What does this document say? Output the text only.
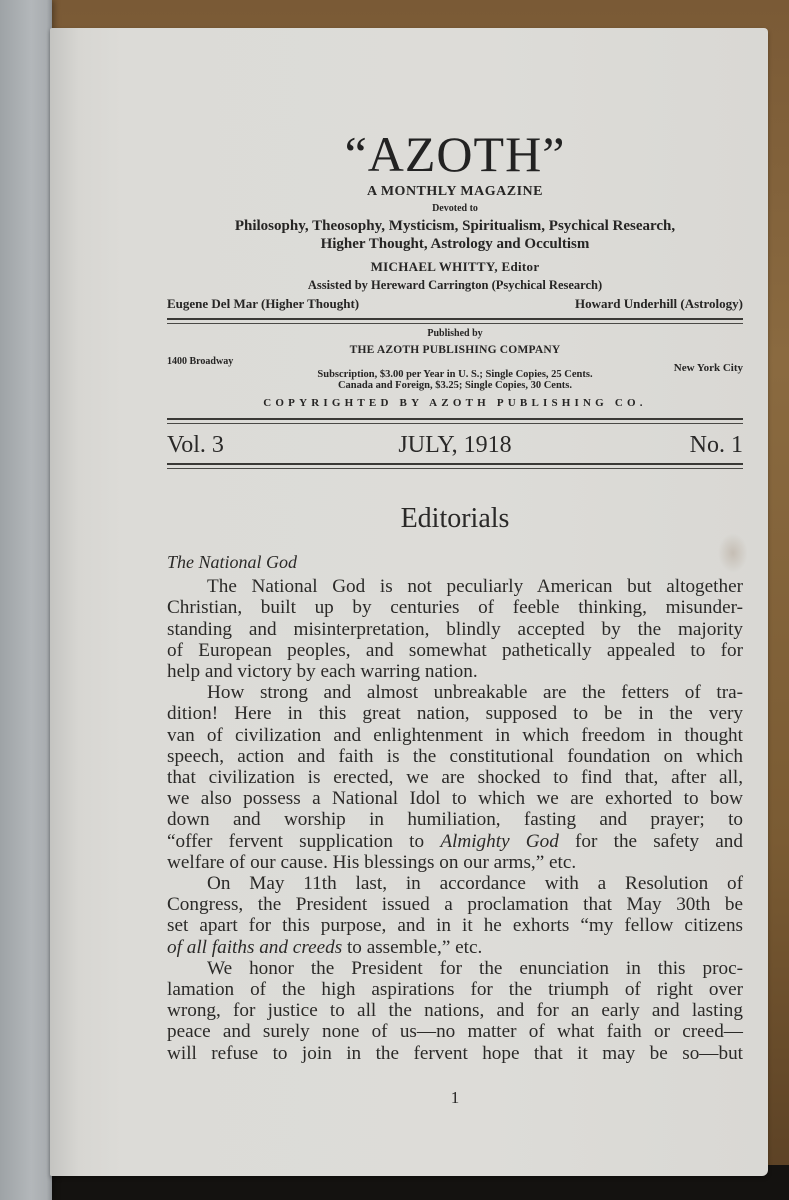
“AZOTH”
A MONTHLY MAGAZINE
Devoted to
Philosophy, Theosophy, Mysticism, Spiritualism, Psychical Research,
Higher Thought, Astrology and Occultism
MICHAEL WHITTY, Editor
Assisted by Hereward Carrington (Psychical Research)
Eugene Del Mar (Higher Thought)	Howard Underhill (Astrology)
Published by
THE AZOTH PUBLISHING COMPANY
1400 Broadway
New York City
Subscription, $3.00 per Year in U. S.; Single Copies, 25 Cents.
Canada and Foreign, $3.25; Single Copies, 30 Cents.
COPYRIGHTED BY AZOTH PUBLISHING CO.
Vol. 3	JULY, 1918	No. 1
Editorials
The National God
The National God is not peculiarly American but altogether
Christian, built up by centuries of feeble thinking, misunder-
standing and misinterpretation, blindly accepted by the majority
of European peoples, and somewhat pathetically appealed to for
help and victory by each warring nation.
How strong and almost unbreakable are the fetters of tra-
dition! Here in this great nation, supposed to be in the very
van of civilization and enlightenment in which freedom in thought
speech, action and faith is the constitutional foundation on which
that civilization is erected, we are shocked to find that, after all,
we also possess a National Idol to which we are exhorted to bow
down and worship in humiliation, fasting and prayer; to
“offer fervent supplication to Almighty God for the safety and
welfare of our cause. His blessings on our arms,” etc.
On May 11th last, in accordance with a Resolution of
Congress, the President issued a proclamation that May 30th be
set apart for this purpose, and in it he exhorts “my fellow citizens
of all faiths and creeds to assemble,” etc.
We honor the President for the enunciation in this proc-
lamation of the high aspirations for the triumph of right over
wrong, for justice to all the nations, and for an early and lasting
peace and surely none of us—no matter of what faith or creed—
will refuse to join in the fervent hope that it may be so—but
1
